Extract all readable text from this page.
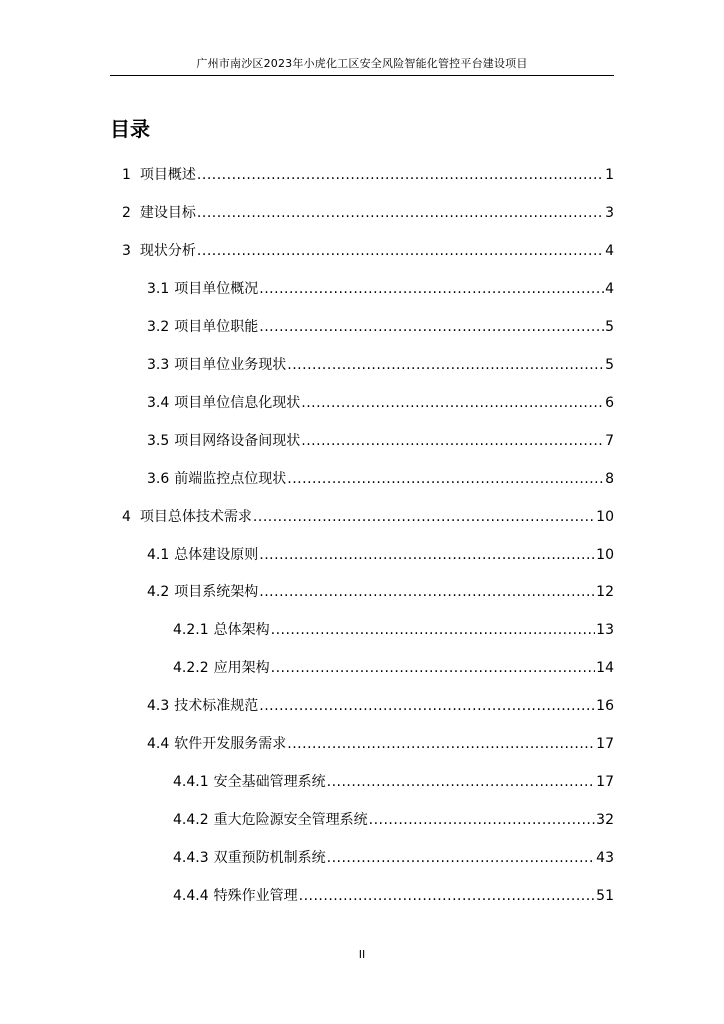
广州市南沙区2023年小虎化工区安全风险智能化管控平台建设项目
目录
1 项目概述 .....	1
2 建设目标 .....	3
3 现状分析 .....	4
3.1 项目单位概况 .....	4
3.2 项目单位职能 .....	5
3.3 项目单位业务现状 .....	5
3.4 项目单位信息化现状 .....	6
3.5 项目网络设备间现状 .....	7
3.6 前端监控点位现状 .....	8
4 项目总体技术需求 .....	10
4.1 总体建设原则 .....	10
4.2 项目系统架构 .....	12
4.2.1 总体架构 .....	13
4.2.2 应用架构 .....	14
4.3 技术标准规范 .....	16
4.4 软件开发服务需求 .....	17
4.4.1 安全基础管理系统 .....	17
4.4.2 重大危险源安全管理系统 .....	32
4.4.3 双重预防机制系统 .....	43
4.4.4 特殊作业管理 .....	51
II
